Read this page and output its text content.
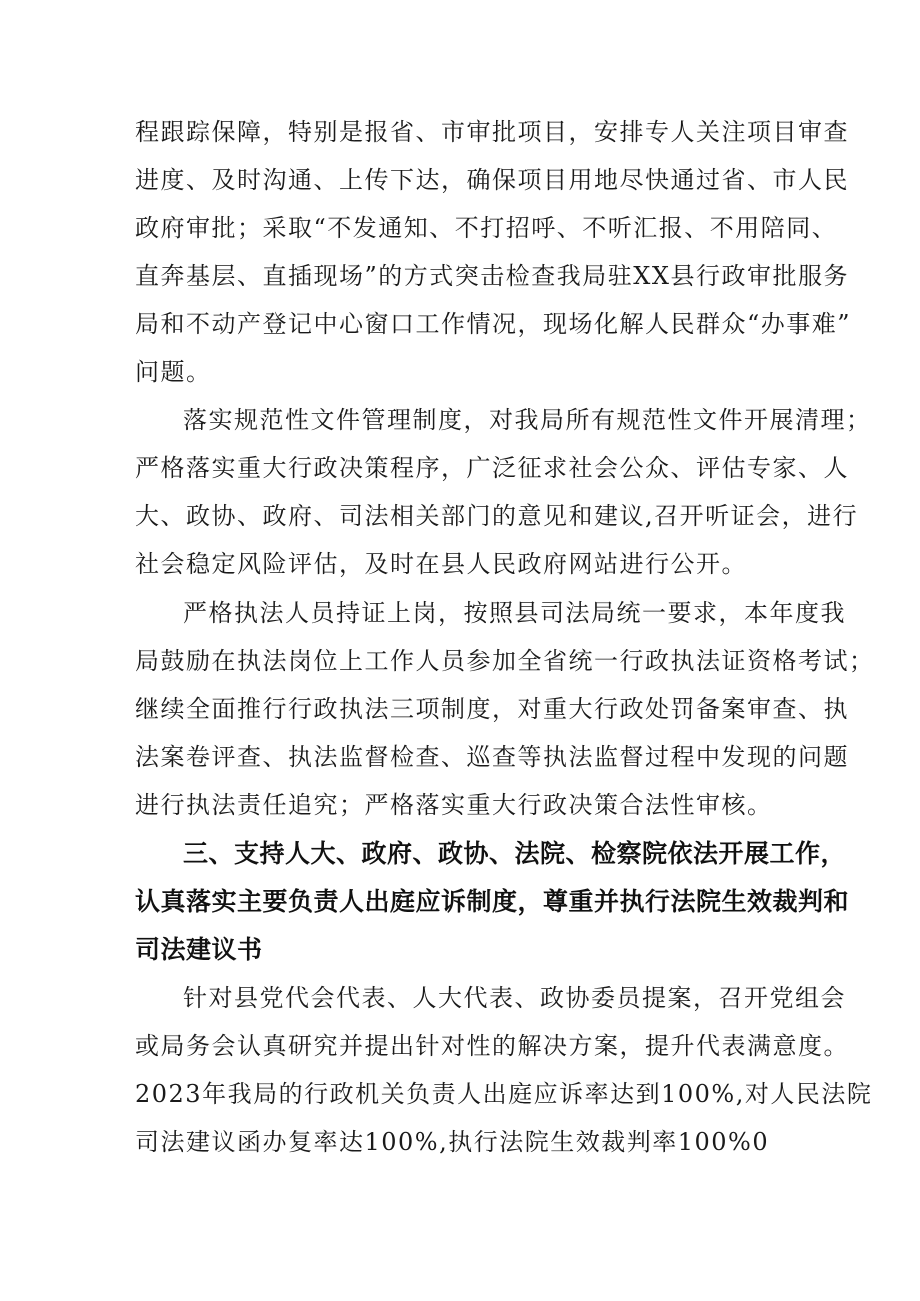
程跟踪保障，特别是报省、市审批项目，安排专人关注项目审查
进度、及时沟通、上传下达，确保项目用地尽快通过省、市人民
政府审批；采取“不发通知、不打招呼、不听汇报、不用陪同、
直奔基层、直插现场”的方式突击检查我局驻XX县行政审批服务
局和不动产登记中心窗口工作情况，现场化解人民群众“办事难”
问题。
落实规范性文件管理制度，对我局所有规范性文件开展清理；
严格落实重大行政决策程序，广泛征求社会公众、评估专家、人
大、政协、政府、司法相关部门的意见和建议,召开听证会，进行
社会稳定风险评估，及时在县人民政府网站进行公开。
严格执法人员持证上岗，按照县司法局统一要求，本年度我
局鼓励在执法岗位上工作人员参加全省统一行政执法证资格考试；
继续全面推行行政执法三项制度，对重大行政处罚备案审查、执
法案卷评查、执法监督检查、巡查等执法监督过程中发现的问题
进行执法责任追究；严格落实重大行政决策合法性审核。
三、支持人大、政府、政协、法院、检察院依法开展工作，
认真落实主要负责人出庭应诉制度，尊重并执行法院生效裁判和
司法建议书
针对县党代会代表、人大代表、政协委员提案，召开党组会
或局务会认真研究并提出针对性的解决方案，提升代表满意度。
2023年我局的行政机关负责人出庭应诉率达到100%,对人民法院
司法建议函办复率达100%,执行法院生效裁判率100%0
